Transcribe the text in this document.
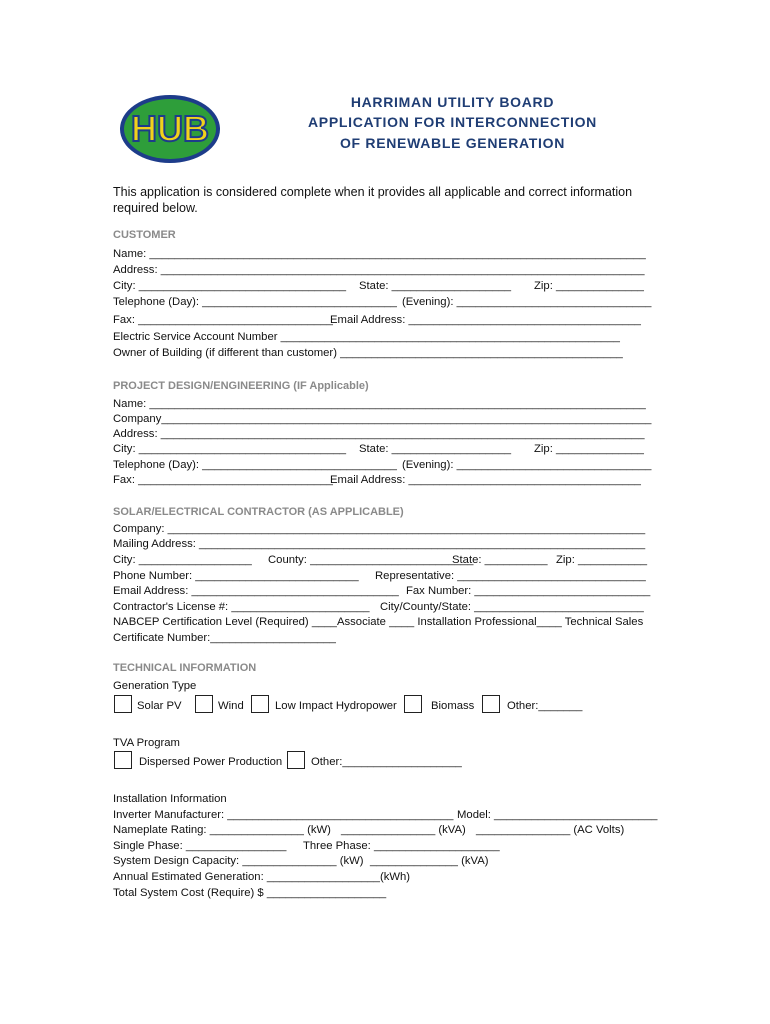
HUB
HARRIMAN UTILITY BOARD
APPLICATION FOR INTERCONNECTION
OF RENEWABLE GENERATION
This application is considered complete when it provides all applicable and correct information required below.
CUSTOMER
Name: _______________________________________________________________________________
Address: _____________________________________________________________________________
City: _________________________________ State: ___________________ Zip: ______________
Telephone (Day): _______________________________ (Evening): _______________________________
Fax: _______________________________
Email Address: _____________________________________
Electric Service Account Number ______________________________________________________
Owner of Building (if different than customer) _____________________________________________
PROJECT DESIGN/ENGINEERING (IF Applicable)
Name: _______________________________________________________________________________
Company______________________________________________________________________________
Address: _____________________________________________________________________________
City: _________________________________ State: ___________________ Zip: ______________
Telephone (Day): _______________________________ (Evening): _______________________________
Fax: _______________________________
Email Address: _____________________________________
SOLAR/ELECTRICAL CONTRACTOR (AS APPLICABLE)
Company: ____________________________________________________________________________
Mailing Address: _______________________________________________________________________
City: __________________ County: __________________________
State: __________ Zip: ___________
Phone Number: __________________________ Representative: ______________________________
Email Address: _________________________________ Fax Number: ____________________________
Contractor's License #: ______________________ City/County/State: ___________________________
NABCEP Certification Level (Required) ____Associate ____ Installation Professional____ Technical Sales
Certificate Number:____________________
TECHNICAL INFORMATION
Generation Type
Solar PV	Wind	Low Impact Hydropower	Biomass	Other:_______
TVA Program
Dispersed Power Production	Other:___________________
Installation Information
Inverter Manufacturer: ____________________________________ Model: __________________________
Nameplate Rating: _______________ (kW) _______________ (kVA) _______________ (AC Volts)
Single Phase: ________________ Three Phase: ____________________
System Design Capacity: _______________ (kW) ______________ (kVA)
Annual Estimated Generation: __________________(kWh)
Total System Cost (Require) $ ___________________
